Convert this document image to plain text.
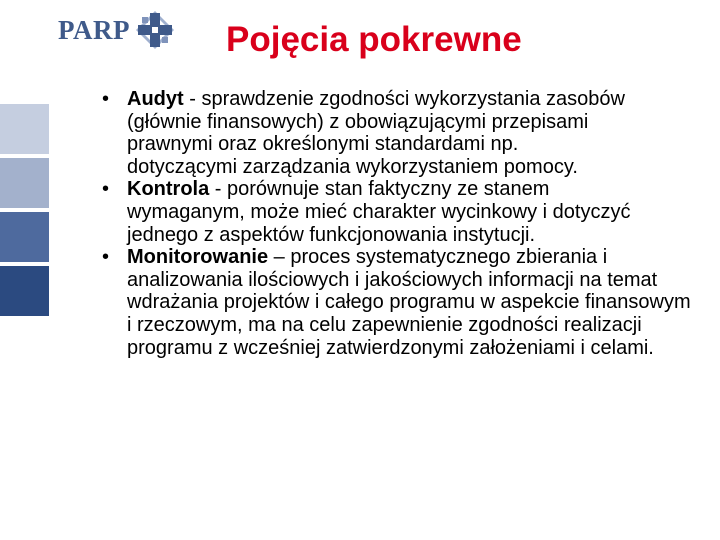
PARP	Pojęcia pokrewne
• Audyt - sprawdzenie zgodności wykorzystania zasobów (głównie finansowych) z obowiązującymi przepisami prawnymi oraz określonymi standardami np. dotyczącymi zarządzania wykorzystaniem pomocy.
• Kontrola - porównuje stan faktyczny ze stanem wymaganym, może mieć charakter wycinkowy i dotyczyć jednego z aspektów funkcjonowania instytucji.
• Monitorowanie – proces systematycznego zbierania i analizowania ilościowych i jakościowych informacji na temat wdrażania projektów i całego programu w aspekcie finansowym i rzeczowym, ma na celu zapewnienie zgodności realizacji programu z wcześniej zatwierdzonymi założeniami i celami.
